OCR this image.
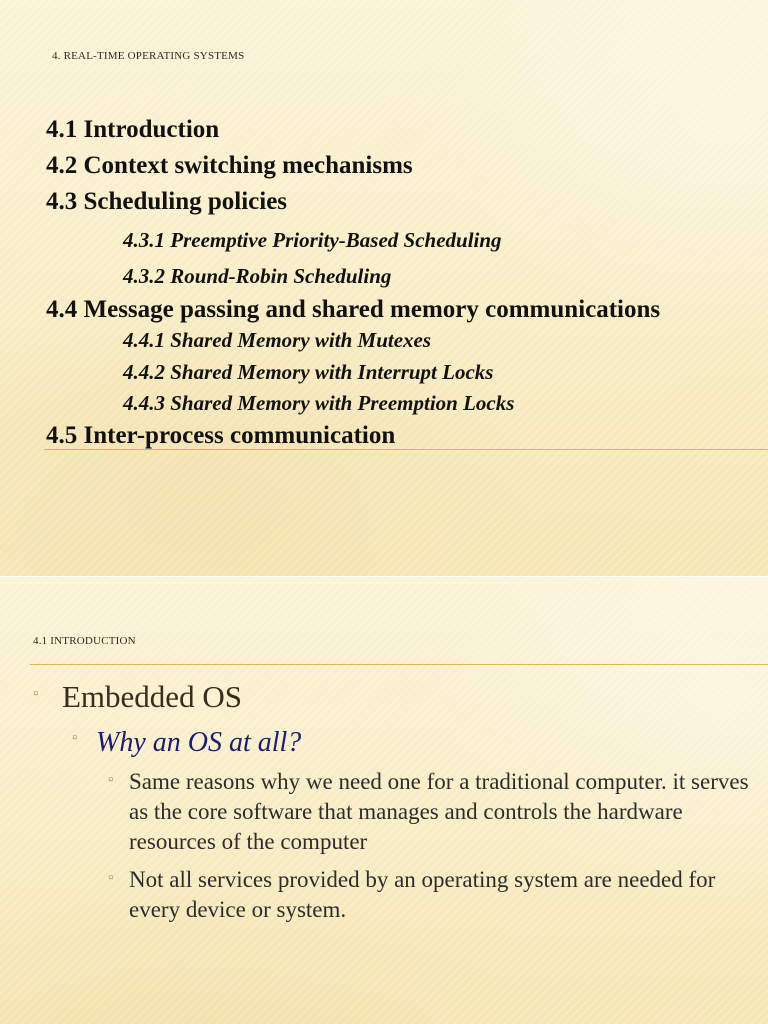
4. REAL-TIME OPERATING SYSTEMS
4.1 Introduction
4.2 Context switching mechanisms
4.3 Scheduling policies
4.3.1 Preemptive Priority-Based Scheduling
4.3.2 Round-Robin Scheduling
4.4 Message passing and shared memory communications
4.4.1 Shared Memory with Mutexes
4.4.2 Shared Memory with Interrupt Locks
4.4.3 Shared Memory with Preemption Locks
4.5 Inter-process communication
4.1 INTRODUCTION
▫ Embedded OS
▫ Why an OS at all?
▫ Same reasons why we need one for a traditional computer. it serves as the core software that manages and controls the hardware resources of the computer
▫ Not all services provided by an operating system are needed for every device or system.
